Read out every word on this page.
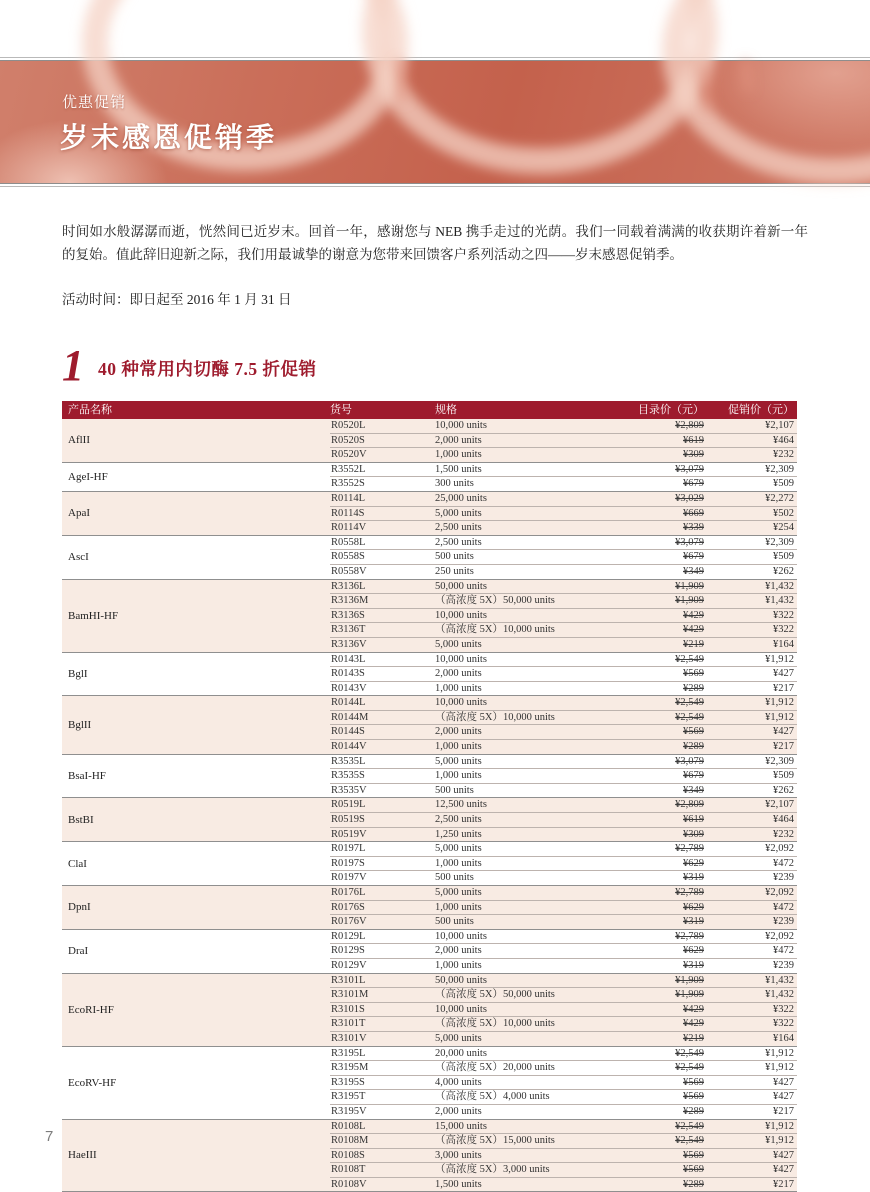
优惠促销
岁末感恩促销季

时间如水般潺潺而逝，恍然间已近岁末。回首一年，感谢您与 NEB 携手走过的光荫。我们一同载着满满的收获期许着新一年的复始。值此辞旧迎新之际，我们用最诚挚的谢意为您带来回馈客户系列活动之四——岁末感恩促销季。

活动时间：即日起至 2016 年 1 月 31 日

1 40 种常用内切酶 7.5 折促销
产品名称	货号	规格	目录价（元）	促销价（元）
AflII
R0520L	10,000 units	¥2,809	¥2,107
R0520S	2,000 units	¥619	¥464
R0520V	1,000 units	¥309	¥232
AgeI-HF
R3552L	1,500 units	¥3,079	¥2,309
R3552S	300 units	¥679	¥509
ApaI
R0114L	25,000 units	¥3,029	¥2,272
R0114S	5,000 units	¥669	¥502
R0114V	2,500 units	¥339	¥254
AscI
R0558L	2,500 units	¥3,079	¥2,309
R0558S	500 units	¥679	¥509
R0558V	250 units	¥349	¥262
BamHI-HF
R3136L	50,000 units	¥1,909	¥1,432
R3136M	（高浓度 5X）50,000 units	¥1,909	¥1,432
R3136S	10,000 units	¥429	¥322
R3136T	（高浓度 5X）10,000 units	¥429	¥322
R3136V	5,000 units	¥219	¥164
BglI
R0143L	10,000 units	¥2,549	¥1,912
R0143S	2,000 units	¥569	¥427
R0143V	1,000 units	¥289	¥217
BglII
R0144L	10,000 units	¥2,549	¥1,912
R0144M	（高浓度 5X）10,000 units	¥2,549	¥1,912
R0144S	2,000 units	¥569	¥427
R0144V	1,000 units	¥289	¥217
BsaI-HF
R3535L	5,000 units	¥3,079	¥2,309
R3535S	1,000 units	¥679	¥509
R3535V	500 units	¥349	¥262
BstBI
R0519L	12,500 units	¥2,809	¥2,107
R0519S	2,500 units	¥619	¥464
R0519V	1,250 units	¥309	¥232
ClaI
R0197L	5,000 units	¥2,789	¥2,092
R0197S	1,000 units	¥629	¥472
R0197V	500 units	¥319	¥239
DpnI
R0176L	5,000 units	¥2,789	¥2,092
R0176S	1,000 units	¥629	¥472
R0176V	500 units	¥319	¥239
DraI
R0129L	10,000 units	¥2,789	¥2,092
R0129S	2,000 units	¥629	¥472
R0129V	1,000 units	¥319	¥239
EcoRI-HF
R3101L	50,000 units	¥1,909	¥1,432
R3101M	（高浓度 5X）50,000 units	¥1,909	¥1,432
R3101S	10,000 units	¥429	¥322
R3101T	（高浓度 5X）10,000 units	¥429	¥322
R3101V	5,000 units	¥219	¥164
EcoRV-HF
R3195L	20,000 units	¥2,549	¥1,912
R3195M	（高浓度 5X）20,000 units	¥2,549	¥1,912
R3195S	4,000 units	¥569	¥427
R3195T	（高浓度 5X）4,000 units	¥569	¥427
R3195V	2,000 units	¥289	¥217
HaeIII
R0108L	15,000 units	¥2,549	¥1,912
R0108M	（高浓度 5X）15,000 units	¥2,549	¥1,912
R0108S	3,000 units	¥569	¥427
R0108T	（高浓度 5X）3,000 units	¥569	¥427
R0108V	1,500 units	¥289	¥217
7
